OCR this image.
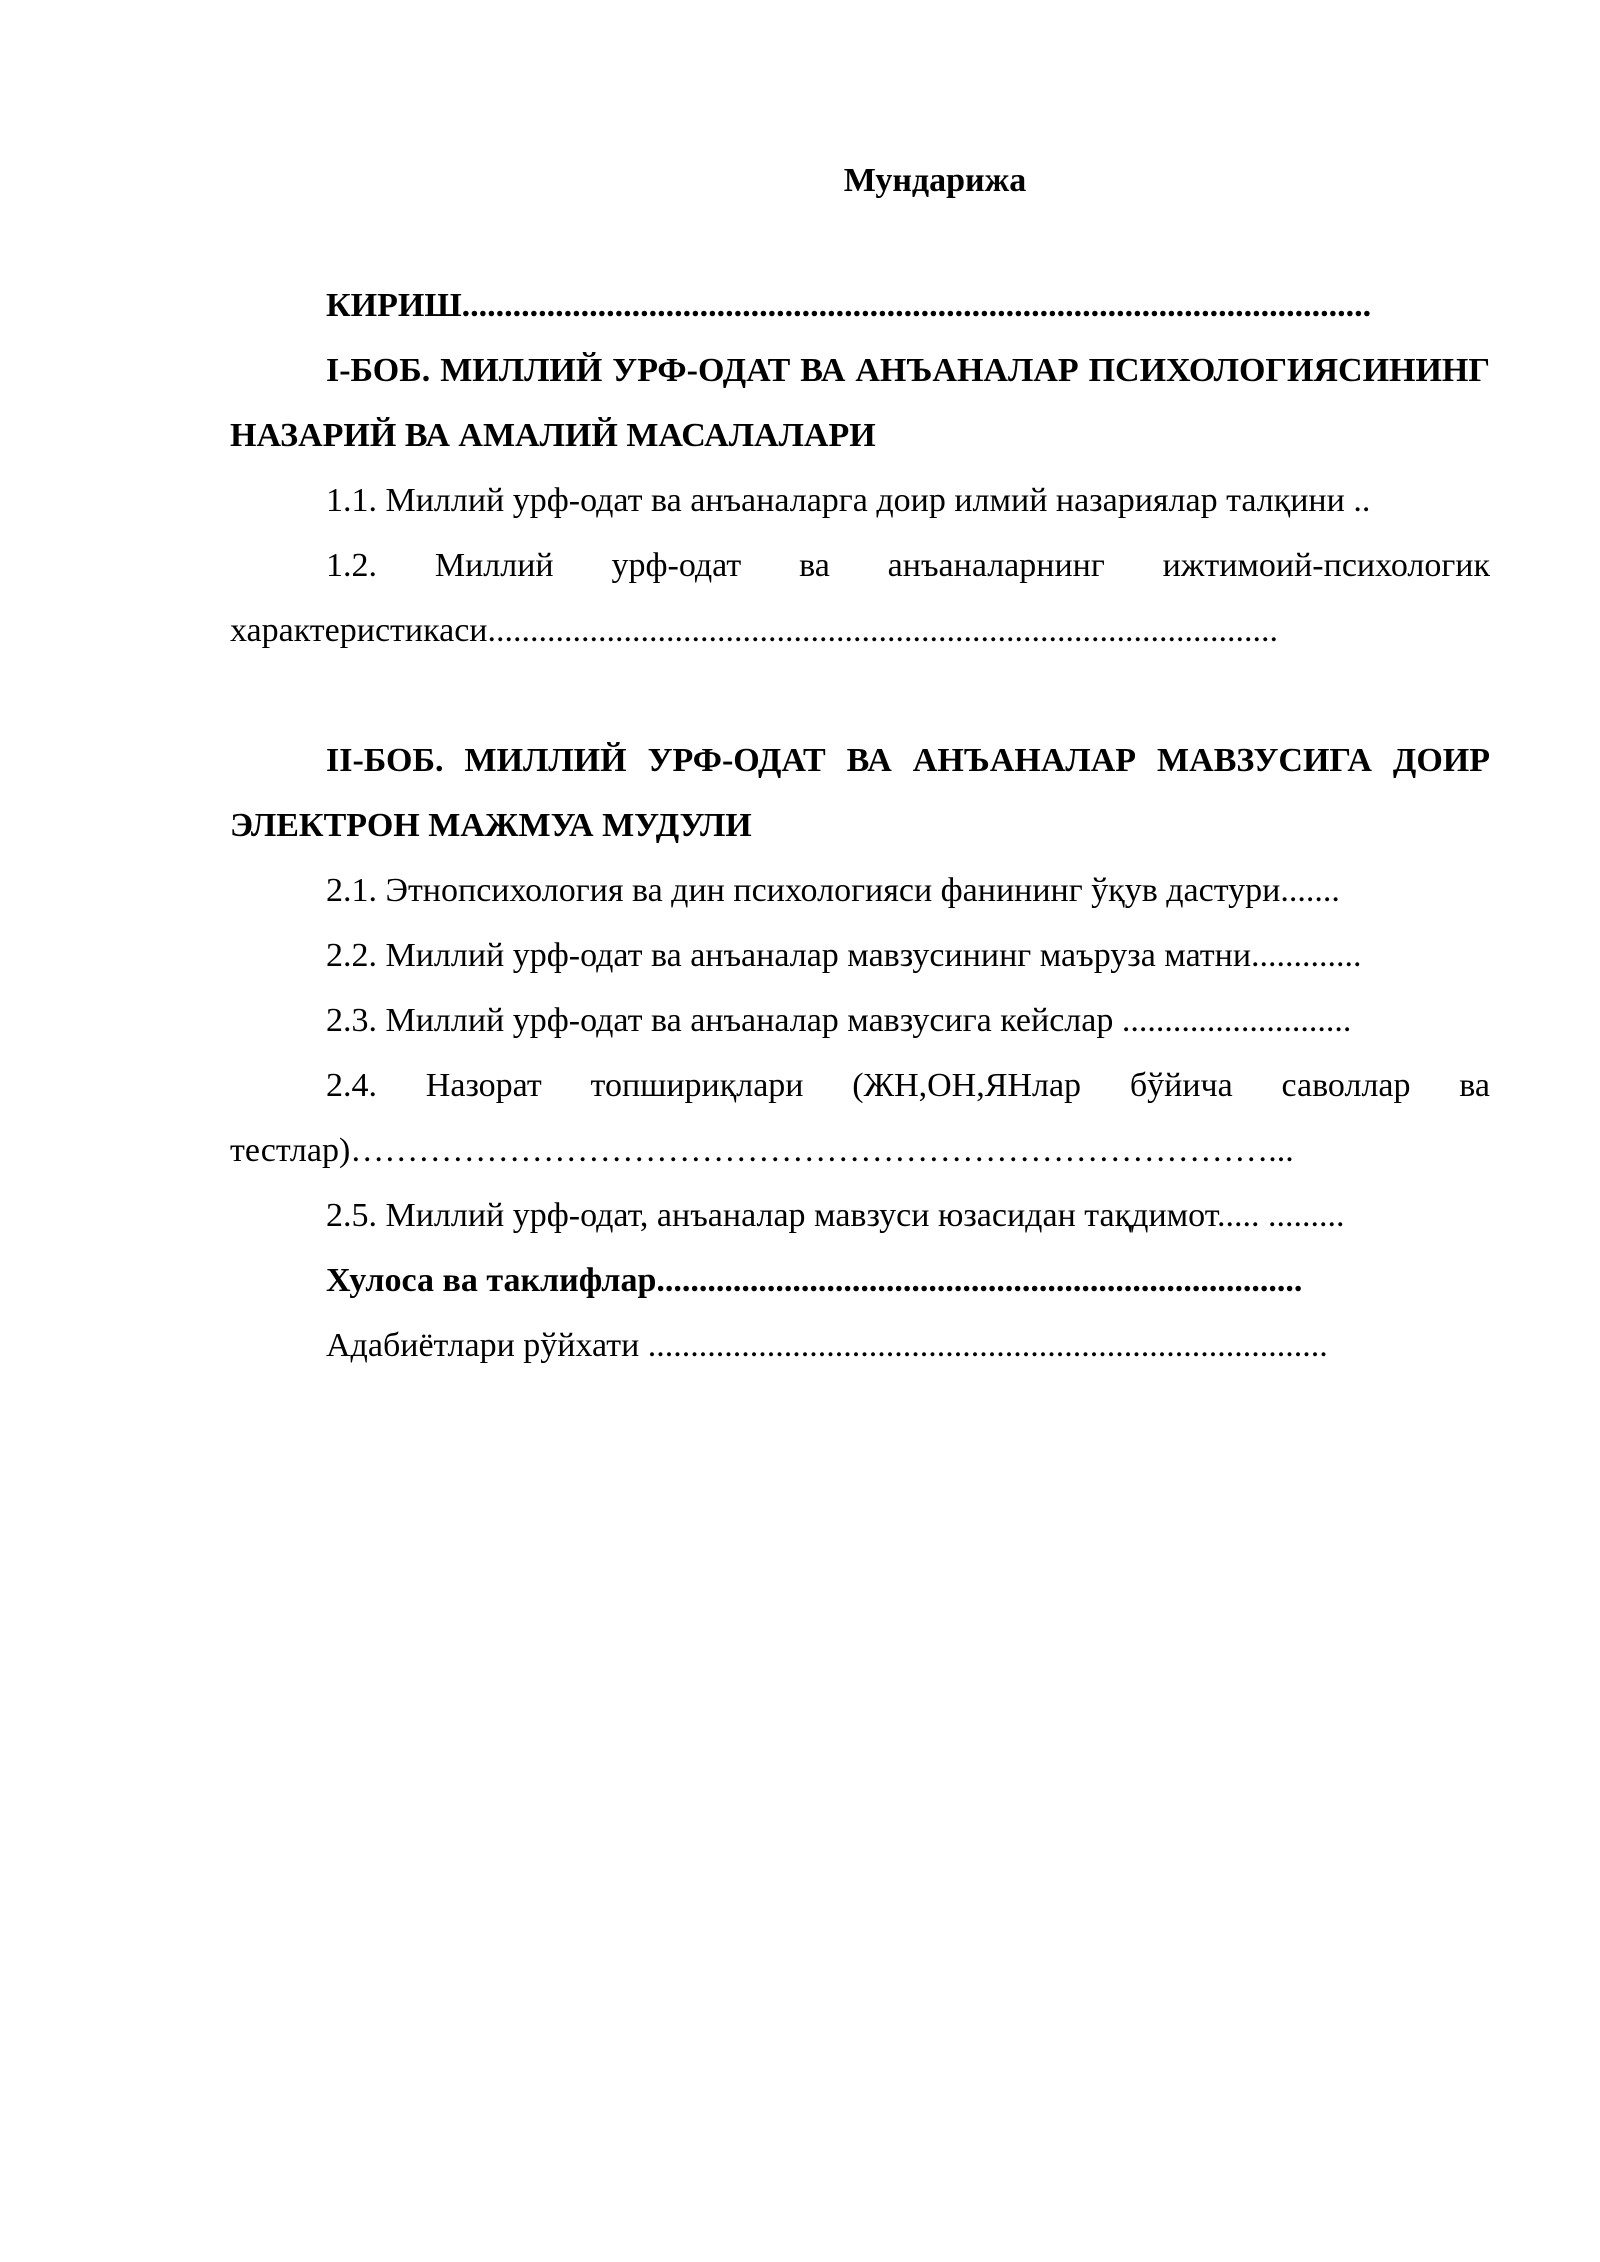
Мундарижа

КИРИШ...........................................................................................................

I-БОБ. МИЛЛИЙ УРФ-ОДАТ ВА АНЪАНАЛАР ПСИХОЛОГИЯСИНИНГ НАЗАРИЙ ВА АМАЛИЙ МАСАЛАЛАРИ

1.1. Миллий урф-одат ва анъаналарга доир илмий назариялар талқини ..

1.2. Миллий урф-одат ва анъаналарнинг ижтимоий-психологик характеристикаси.............................................................................................

II-БОБ. МИЛЛИЙ УРФ-ОДАТ ВА АНЪАНАЛАР МАВЗУСИГА ДОИР ЭЛЕКТРОН МАЖМУА МУДУЛИ

2.1. Этнопсихология ва дин психологияси фанининг ўқув дастури.......

2.2. Миллий урф-одат ва анъаналар мавзусининг маъруза матни.............

2.3. Миллий урф-одат ва анъаналар мавзусига кейслар ...........................

2.4. Назорат топшириқлари (ЖН,ОН,ЯНлар бўйича саволлар ва тестлар)………………………………………………………………………...

2.5. Миллий урф-одат, анъаналар мавзуси юзасидан тақдимот..... .........

Хулоса ва таклифлар............................................................................

Адабиётлари рўйхати ................................................................................
